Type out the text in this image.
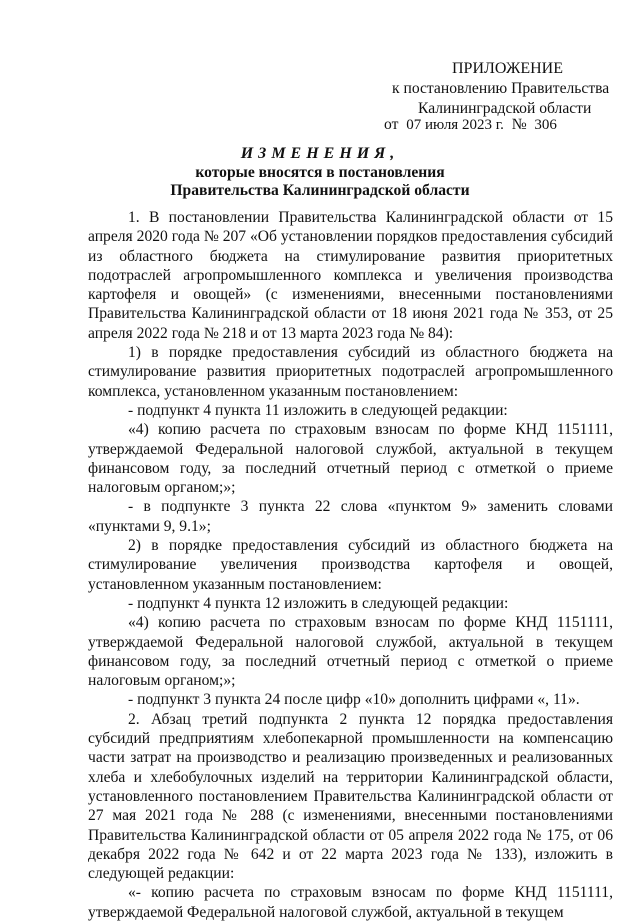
ПРИЛОЖЕНИЕ
к постановлению Правительства
Калининградской области
от 07 июля 2023 г. № 306
ИЗМЕНЕНИЯ,
которые вносятся в постановления
Правительства Калининградской области

1. В постановлении Правительства Калининградской области от 15 апреля 2020 года № 207 «Об установлении порядков предоставления субсидий из областного бюджета на стимулирование развития приоритетных подотраслей агропромышленного комплекса и увеличения производства картофеля и овощей» (с изменениями, внесенными постановлениями Правительства Калининградской области от 18 июня 2021 года № 353, от 25 апреля 2022 года № 218 и от 13 марта 2023 года № 84):

1) в порядке предоставления субсидий из областного бюджета на стимулирование развития приоритетных подотраслей агропромышленного комплекса, установленном указанным постановлением:

- подпункт 4 пункта 11 изложить в следующей редакции:

«4) копию расчета по страховым взносам по форме КНД 1151111, утверждаемой Федеральной налоговой службой, актуальной в текущем финансовом году, за последний отчетный период с отметкой о приеме налоговым органом;»;

- в подпункте 3 пункта 22 слова «пунктом 9» заменить словами «пунктами 9, 9.1»;

2) в порядке предоставления субсидий из областного бюджета на стимулирование увеличения производства картофеля и овощей, установленном указанным постановлением:

- подпункт 4 пункта 12 изложить в следующей редакции:

«4) копию расчета по страховым взносам по форме КНД 1151111, утверждаемой Федеральной налоговой службой, актуальной в текущем финансовом году, за последний отчетный период с отметкой о приеме налоговым органом;»;

- подпункт 3 пункта 24 после цифр «10» дополнить цифрами «, 11».

2. Абзац третий подпункта 2 пункта 12 порядка предоставления субсидий предприятиям хлебопекарной промышленности на компенсацию части затрат на производство и реализацию произведенных и реализованных хлеба и хлебобулочных изделий на территории Калининградской области, установленного постановлением Правительства Калининградской области от 27 мая 2021 года № 288 (с изменениями, внесенными постановлениями Правительства Калининградской области от 05 апреля 2022 года № 175, от 06 декабря 2022 года № 642 и от 22 марта 2023 года № 133), изложить в следующей редакции:

«- копию расчета по страховым взносам по форме КНД 1151111, утверждаемой Федеральной налоговой службой, актуальной в текущем
